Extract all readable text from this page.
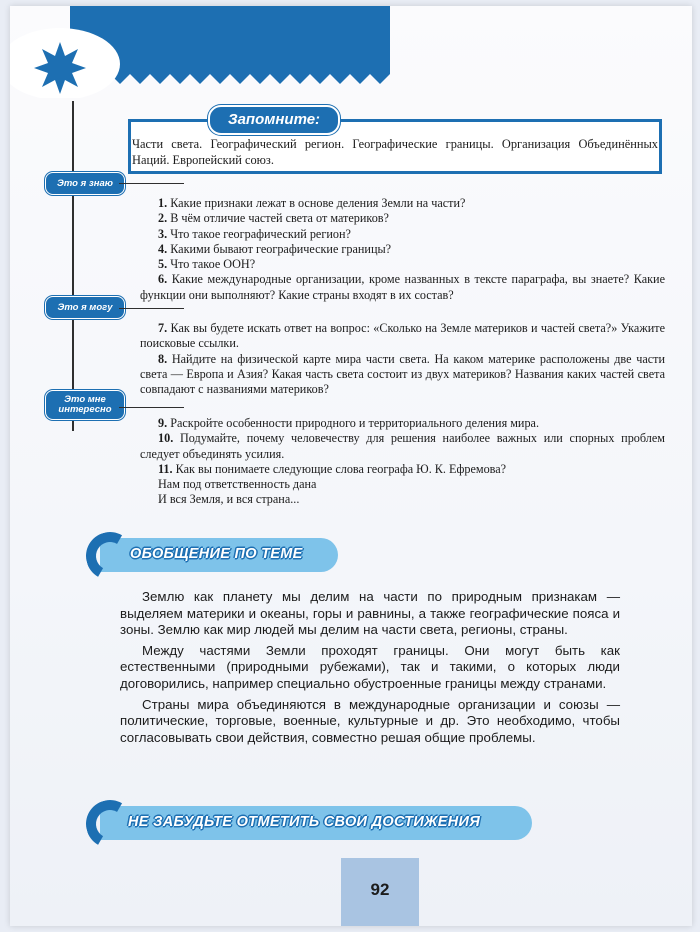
Это я знаю
Это я могу
Это мне интересно
Запомните:
Части света. Географический регион. Географические границы. Организация Объединённых Наций. Европейский союз.

1. Какие признаки лежат в основе деления Земли на части?

2. В чём отличие частей света от материков?

3. Что такое географический регион?

4. Какими бывают географические границы?

5. Что такое ООН?

6. Какие международные организации, кроме названных в тексте параграфа, вы знаете? Какие функции они выполняют? Какие страны входят в их состав?

7. Как вы будете искать ответ на вопрос: «Сколько на Земле материков и частей света?» Укажите поисковые ссылки.

8. Найдите на физической карте мира части света. На каком материке расположены две части света — Европа и Азия? Какая часть света состоит из двух материков? Названия каких частей света совпадают с названиями материков?

9. Раскройте особенности природного и территориального деления мира.

10. Подумайте, почему человечеству для решения наиболее важных или спорных проблем следует объединять усилия.

11. Как вы понимаете следующие слова географа Ю. К. Ефремова?

Нам под ответственность дана

И вся Земля, и вся страна...

ОБОБЩЕНИЕ ПО ТЕМЕ

Землю как планету мы делим на части по природным признакам — выделяем материки и океаны, горы и равнины, а также географические пояса и зоны. Землю как мир людей мы делим на части света, регионы, страны.

Между частями Земли проходят границы. Они могут быть как естественными (природными рубежами), так и такими, о которых люди договорились, например специально обустроенные границы между странами.

Страны мира объединяются в международные организации и союзы — политические, торговые, военные, культурные и др. Это необходимо, чтобы согласовывать свои действия, совместно решая общие проблемы.

НЕ ЗАБУДЬТЕ ОТМЕТИТЬ СВОИ ДОСТИЖЕНИЯ
92
